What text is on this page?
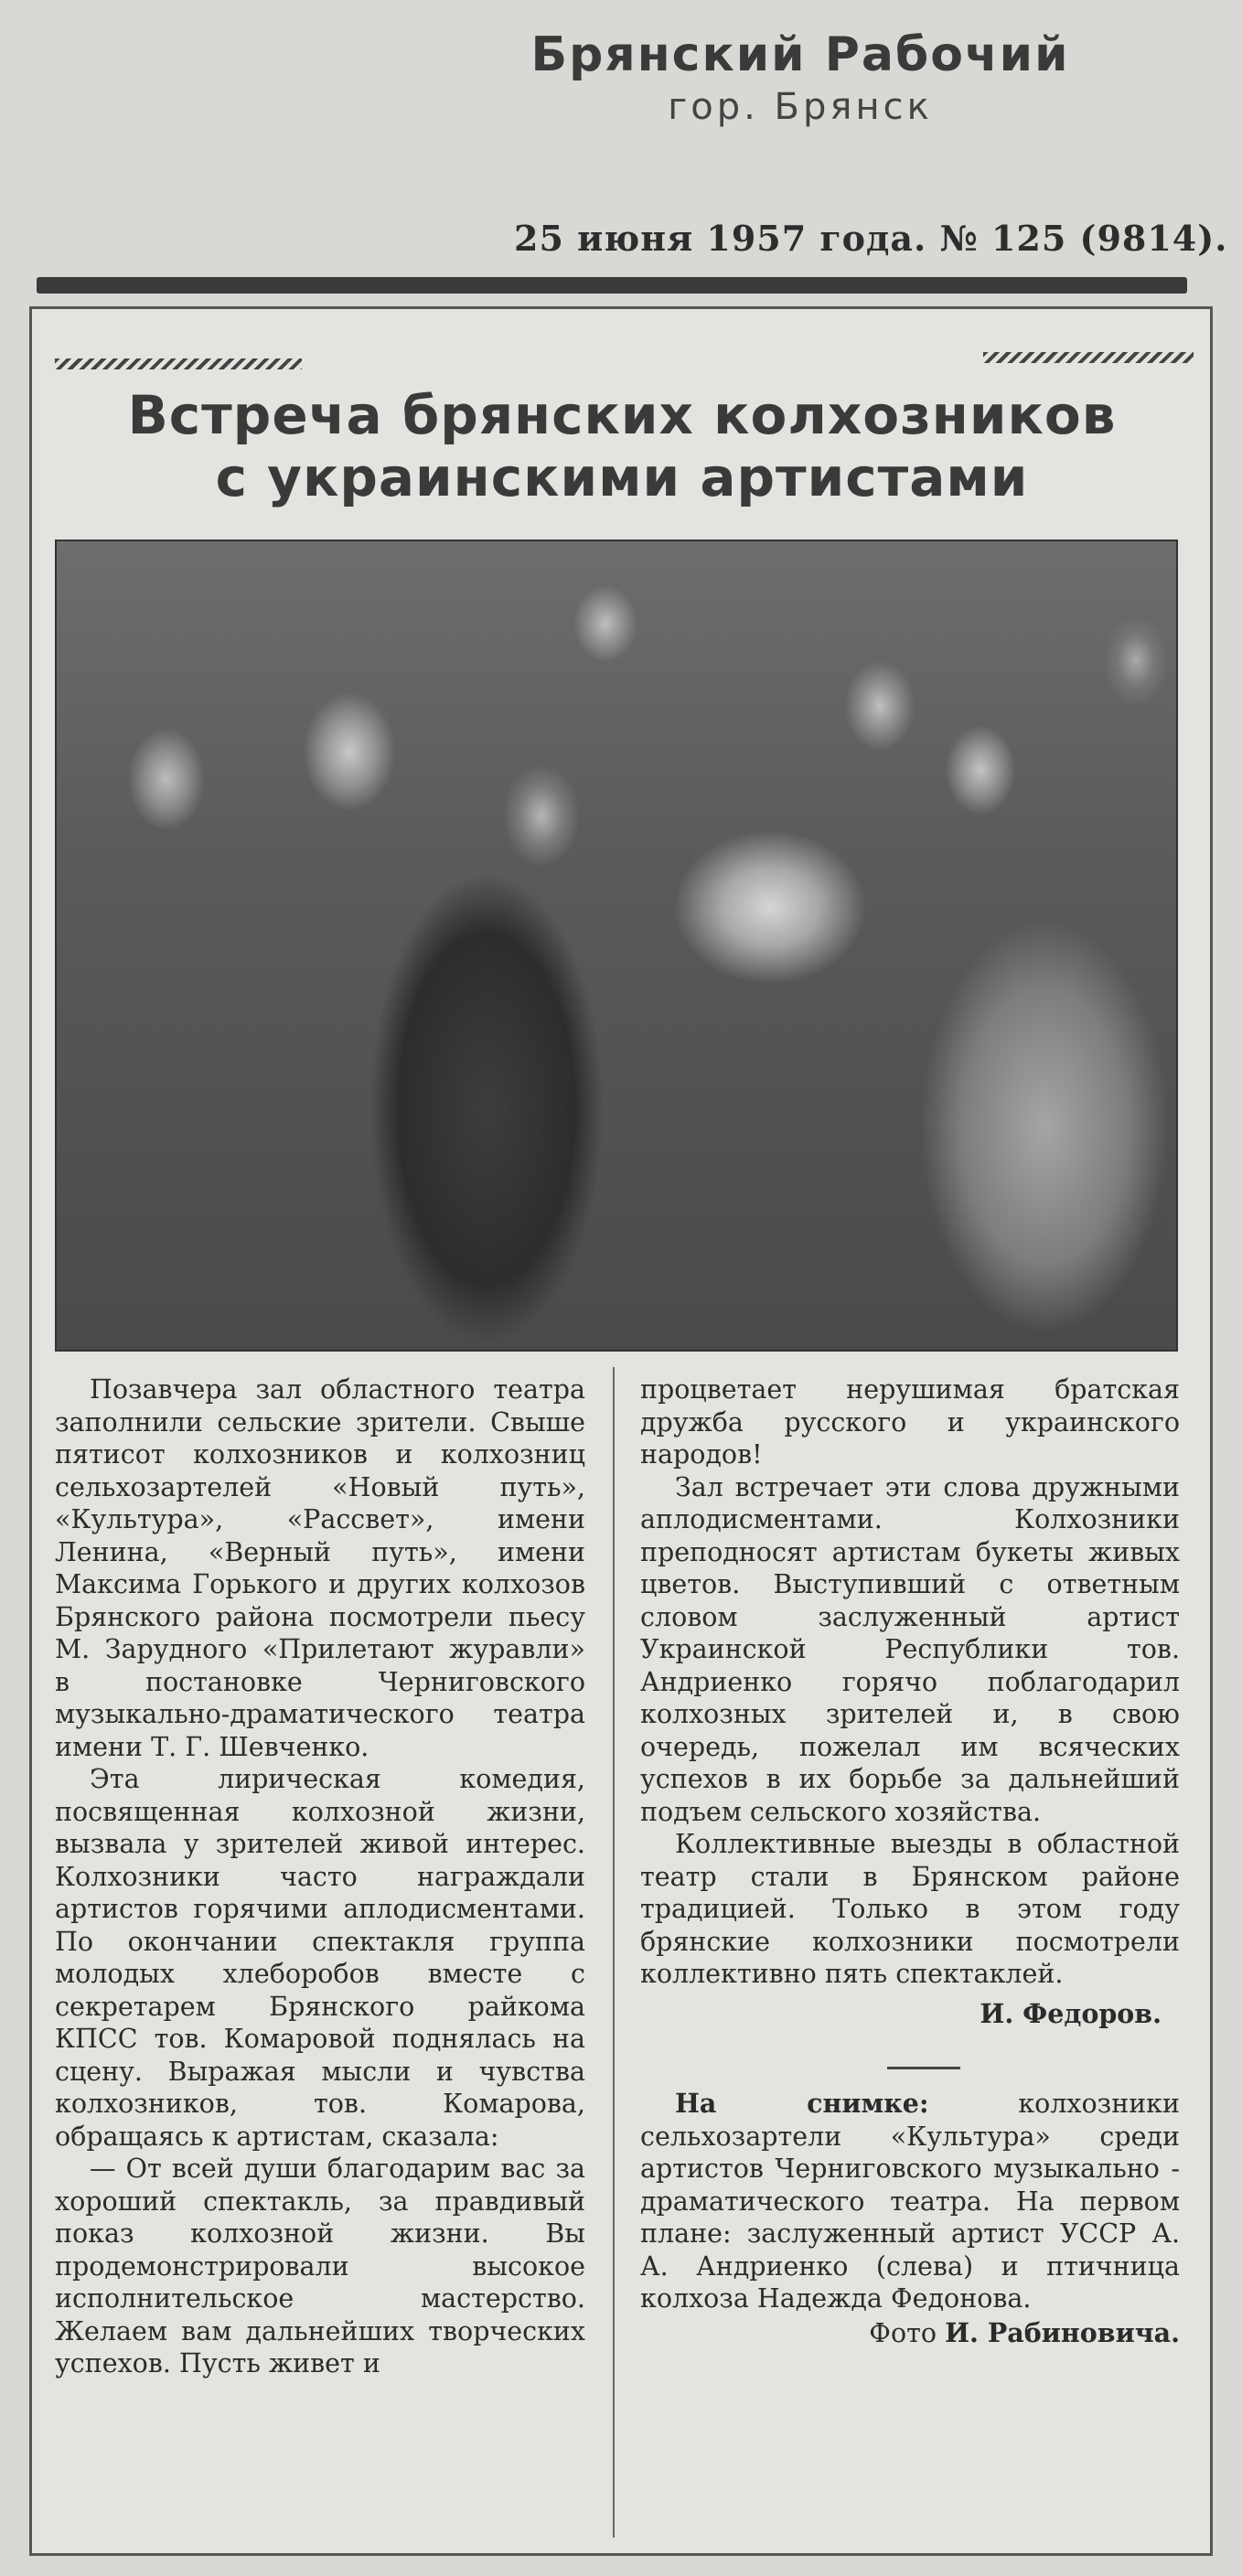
Брянский Рабочий
гор. Брянск
25 июня 1957 года. № 125 (9814).
Встреча брянских колхозников
с украинскими артистами

Позавчера зал областного театра заполнили сельские зрители. Свыше пятисот колхозников и колхозниц сельхозартелей «Новый путь», «Культура», «Рассвет», имени Ленина, «Верный путь», имени Максима Горького и других колхозов Брянского района посмотрели пьесу М. Зарудного «Прилетают журавли» в постановке Черниговского музыкально-драматического театра имени Т. Г. Шевченко.

Эта лирическая комедия, посвященная колхозной жизни, вызвала у зрителей живой интерес. Колхозники часто награждали артистов горячими аплодисментами. По окончании спектакля группа молодых хлеборобов вместе с секретарем Брянского райкома КПСС тов. Комаровой поднялась на сцену. Выражая мысли и чувства колхозников, тов. Комарова, обращаясь к артистам, сказала:

— От всей души благодарим вас за хороший спектакль, за правдивый показ колхозной жизни. Вы продемонстрировали высокое исполнительское мастерство. Желаем вам дальнейших творческих успехов. Пусть живет и

процветает нерушимая братская дружба русского и украинского народов!

Зал встречает эти слова дружными аплодисментами. Колхозники преподносят артистам букеты живых цветов. Выступивший с ответным словом заслуженный артист Украинской Республики тов. Андриенко горячо поблагодарил колхозных зрителей и, в свою очередь, пожелал им всяческих успехов в их борьбе за дальнейший подъем сельского хозяйства.

Коллективные выезды в областной театр стали в Брянском районе традицией. Только в этом году брянские колхозники посмотрели коллективно пять спектаклей.

И. Федоров.

На снимке:	колхозники сельхозартели «Культура» среди артистов Черниговского музыкально - драматического театра. На первом плане: заслуженный артист УССР А. А. Андриенко (слева) и птичница колхоза Надежда Федонова.

Фото И. Рабиновича.
